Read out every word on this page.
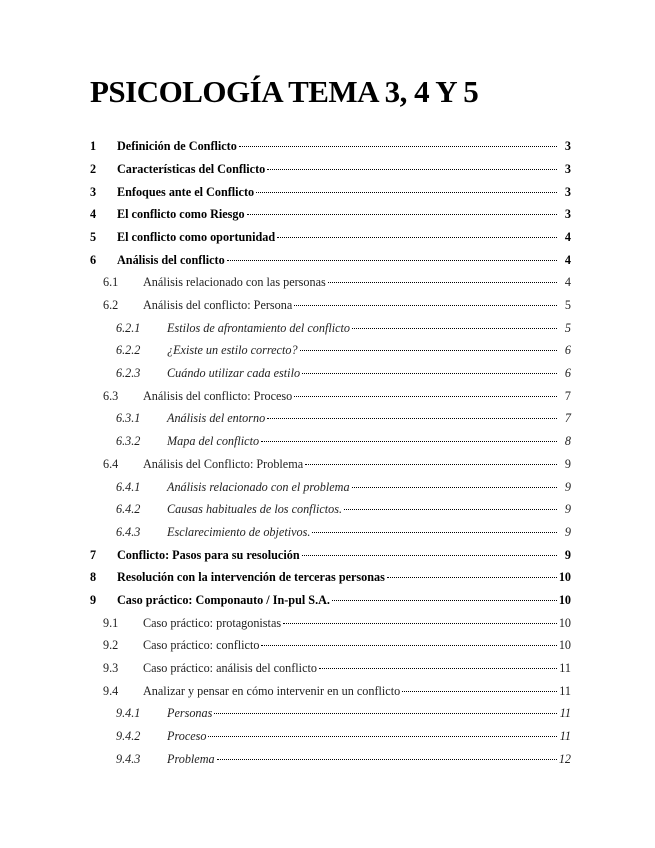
PSICOLOGÍA TEMA 3, 4 Y 5
1	Definición de Conflicto	3
2	Características del Conflicto	3
3	Enfoques ante el Conflicto	3
4	El conflicto como Riesgo	3
5	El conflicto como oportunidad	4
6	Análisis del conflicto	4
6.1	Análisis relacionado con las personas	4
6.2	Análisis del conflicto: Persona	5
6.2.1	Estilos de afrontamiento del conflicto	5
6.2.2	¿Existe un estilo correcto?	6
6.2.3	Cuándo utilizar cada estilo	6
6.3	Análisis del conflicto: Proceso	7
6.3.1	Análisis del entorno	7
6.3.2	Mapa del conflicto	8
6.4	Análisis del Conflicto: Problema	9
6.4.1	Análisis relacionado con el problema	9
6.4.2	Causas habituales de los conflictos.	9
6.4.3	Esclarecimiento de objetivos.	9
7	Conflicto: Pasos para su resolución	9
8	Resolución con la intervención de terceras personas	10
9	Caso práctico: Componauto / In-pul S.A.	10
9.1	Caso práctico: protagonistas	10
9.2	Caso práctico: conflicto	10
9.3	Caso práctico: análisis del conflicto	11
9.4	Analizar y pensar en cómo intervenir en un conflicto	11
9.4.1	Personas	11
9.4.2	Proceso	11
9.4.3	Problema	12
